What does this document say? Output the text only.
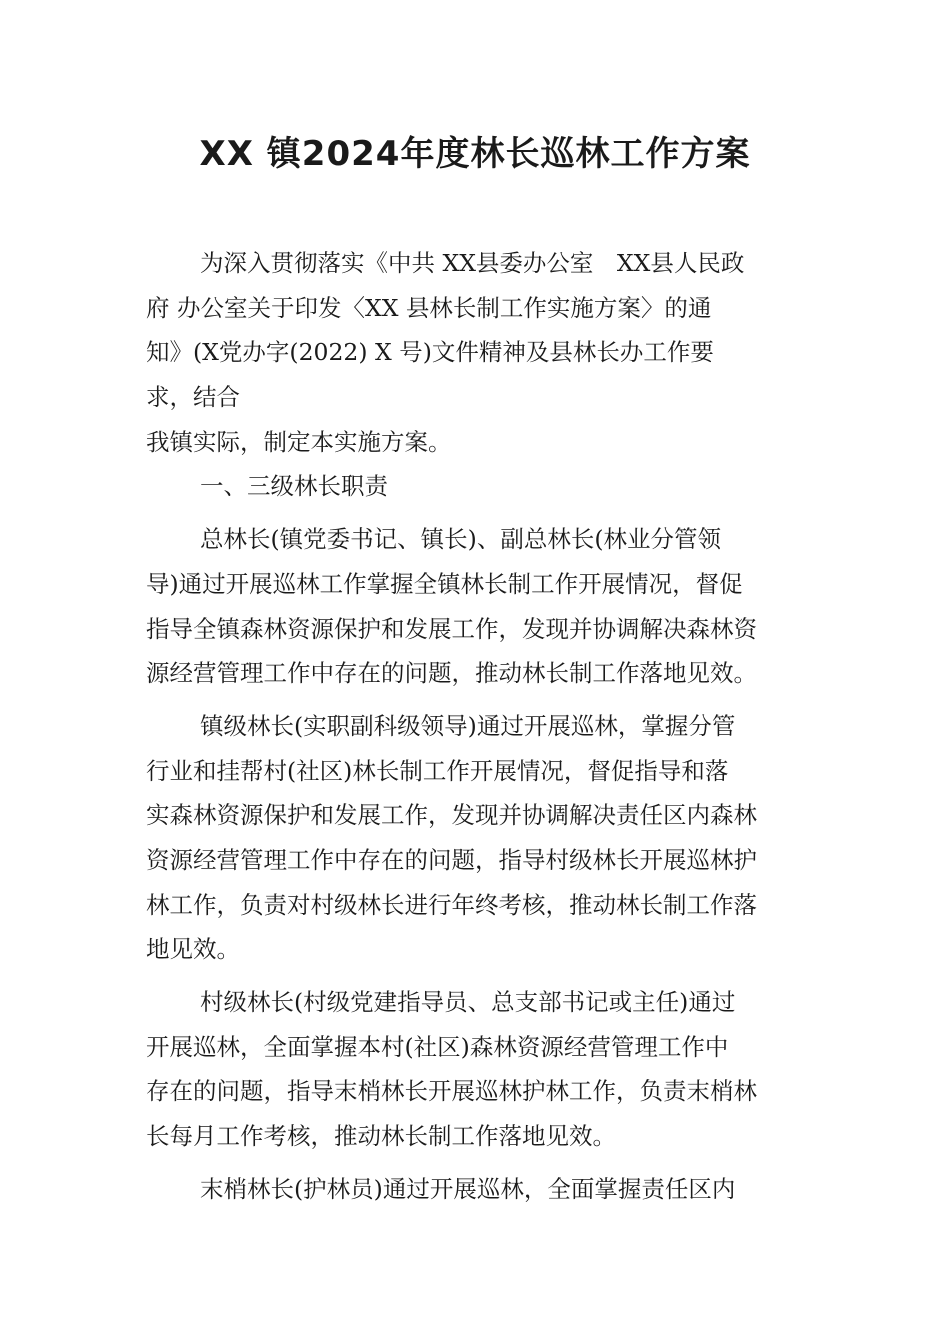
XX 镇2024年度林长巡林工作方案
为深入贯彻落实《中共 XX县委办公室　XX县人民政
府 办公室关于印发〈XX 县林长制工作实施方案〉的通
知》(X党办字(2022) X 号)文件精神及县林长办工作要
求，结合
我镇实际，制定本实施方案。
一、三级林长职责
总林长(镇党委书记、镇长)、副总林长(林业分管领
导)通过开展巡林工作掌握全镇林长制工作开展情况，督促
指导全镇森林资源保护和发展工作，发现并协调解决森林资
源经营管理工作中存在的问题，推动林长制工作落地见效。
镇级林长(实职副科级领导)通过开展巡林，掌握分管
行业和挂帮村(社区)林长制工作开展情况，督促指导和落
实森林资源保护和发展工作，发现并协调解决责任区内森林
资源经营管理工作中存在的问题，指导村级林长开展巡林护
林工作，负责对村级林长进行年终考核，推动林长制工作落
地见效。
村级林长(村级党建指导员、总支部书记或主任)通过
开展巡林，全面掌握本村(社区)森林资源经营管理工作中
存在的问题，指导末梢林长开展巡林护林工作，负责末梢林
长每月工作考核，推动林长制工作落地见效。
末梢林长(护林员)通过开展巡林，全面掌握责任区内
